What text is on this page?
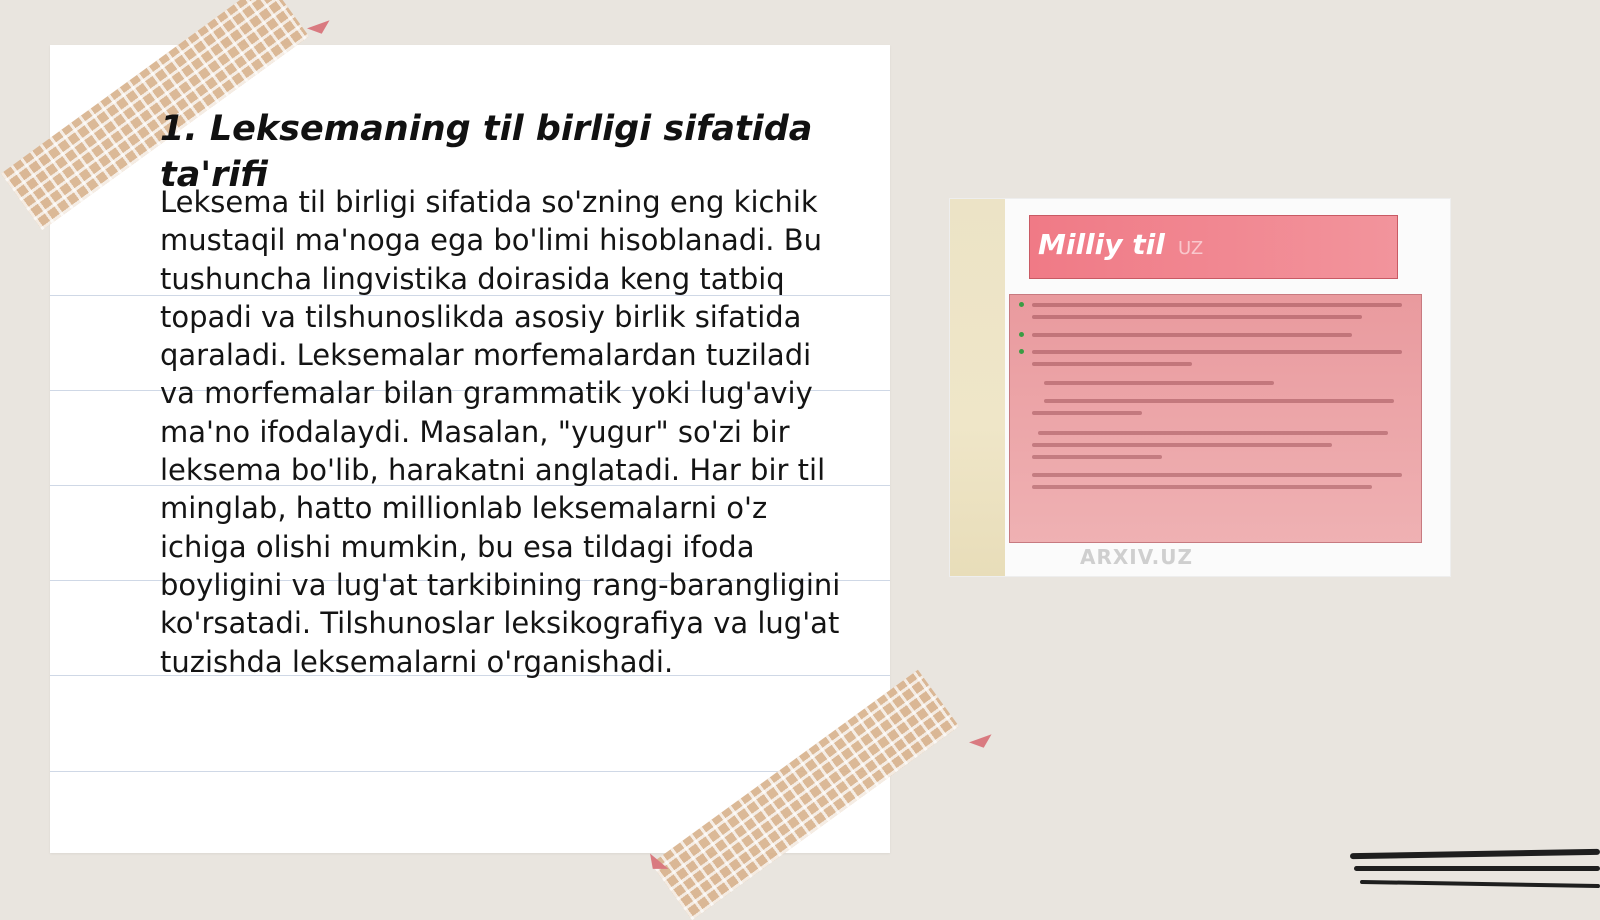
1. Leksemaning til birligi sifatida ta'rifi

Leksema til birligi sifatida so'zning eng kichik mustaqil ma'noga ega bo'limi hisoblanadi. Bu tushuncha lingvistika doirasida keng tatbiq topadi va tilshunoslikda asosiy birlik sifatida qaraladi. Leksemalar morfemalardan tuziladi va morfemalar bilan grammatik yoki lug'aviy ma'no ifodalaydi. Masalan, "yugur" so'zi bir leksema bo'lib, harakatni anglatadi. Har bir til minglab, hatto millionlab leksemalarni o'z ichiga olishi mumkin, bu esa tildagi ifoda boyligini va lug'at tarkibining rang-barangligini ko'rsatadi. Tilshunoslar leksikografiya va lug'at tuzishda leksemalarni o'rganishadi.

Milliy til UZ
ARXIV.UZ
